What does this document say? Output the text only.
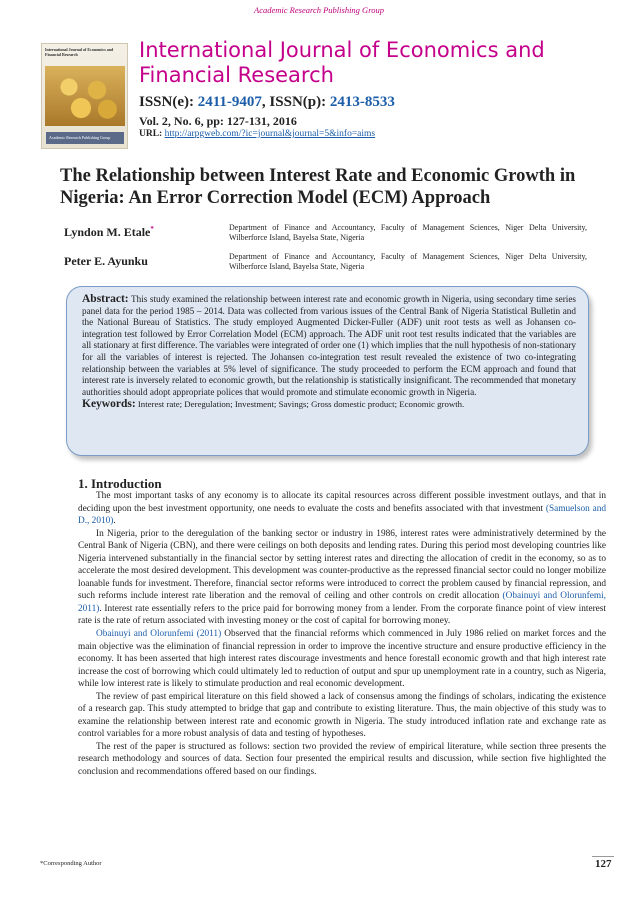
Academic Research Publishing Group
International Journal of Economics and Financial Research
Academic Research Publishing Group
International Journal of Economics and Financial Research
ISSN(e): 2411-9407, ISSN(p): 2413-8533
Vol. 2, No. 6, pp: 127-131, 2016
URL: http://arpgweb.com/?ic=journal&journal=5&info=aims
The Relationship between Interest Rate and Economic Growth in Nigeria: An Error Correction Model (ECM) Approach
Lyndon M. Etale*	Department of Finance and Accountancy, Faculty of Management Sciences, Niger Delta University, Wilberforce Island, Bayelsa State, Nigeria
Peter E. Ayunku	Department of Finance and Accountancy, Faculty of Management Sciences, Niger Delta University, Wilberforce Island, Bayelsa State, Nigeria
Abstract: This study examined the relationship between interest rate and economic growth in Nigeria, using secondary time series panel data for the period 1985 – 2014. Data was collected from various issues of the Central Bank of Nigeria Statistical Bulletin and the National Bureau of Statistics. The study employed Augmented Dicker-Fuller (ADF) unit root tests as well as Johansen co-integration test followed by Error Correlation Model (ECM) approach. The ADF unit root test results indicated that the variables are all stationary at first difference. The variables were integrated of order one (1) which implies that the null hypothesis of non-stationary for all the variables of interest is rejected. The Johansen co-integration test result revealed the existence of two co-integrating relationship between the variables at 5% level of significance. The study proceeded to perform the ECM approach and found that interest rate is inversely related to economic growth, but the relationship is statistically insignificant. The recommended that monetary authorities should adopt appropriate polices that would promote and stimulate economic growth in Nigeria.
Keywords: Interest rate; Deregulation; Investment; Savings; Gross domestic product; Economic growth.
1. Introduction

The most important tasks of any economy is to allocate its capital resources across different possible investment outlays, and that in deciding upon the best investment opportunity, one needs to evaluate the costs and benefits associated with that investment (Samuelson and D., 2010).

In Nigeria, prior to the deregulation of the banking sector or industry in 1986, interest rates were administratively determined by the Central Bank of Nigeria (CBN), and there were ceilings on both deposits and lending rates. During this period most developing countries like Nigeria intervened substantially in the financial sector by setting interest rates and directing the allocation of credit in the economy, so as to accelerate the most desired development. This development was counter-productive as the repressed financial sector could no longer mobilize loanable funds for investment. Therefore, financial sector reforms were introduced to correct the problem caused by financial repression, and such reforms include interest rate liberation and the removal of ceiling and other controls on credit allocation (Obainuyi and Olorunfemi, 2011). Interest rate essentially refers to the price paid for borrowing money from a lender. From the corporate finance point of view interest rate is the rate of return associated with investing money or the cost of capital for borrowing money.

Obainuyi and Olorunfemi (2011) Observed that the financial reforms which commenced in July 1986 relied on market forces and the main objective was the elimination of financial repression in order to improve the incentive structure and ensure productive efficiency in the economy. It has been asserted that high interest rates discourage investments and hence forestall economic growth and that high interest rate increase the cost of borrowing which could ultimately led to reduction of output and spur up unemployment rate in a country, such as Nigeria, while low interest rate is likely to stimulate production and real economic development.

The review of past empirical literature on this field showed a lack of consensus among the findings of scholars, indicating the existence of a research gap. This study attempted to bridge that gap and contribute to existing literature. Thus, the main objective of this study was to examine the relationship between interest rate and economic growth in Nigeria. The study introduced inflation rate and exchange rate as control variables for a more robust analysis of data and testing of hypotheses.

The rest of the paper is structured as follows: section two provided the review of empirical literature, while section three presents the research methodology and sources of data. Section four presented the empirical results and discussion, while section five highlighted the conclusion and recommendations offered based on our findings.

*Corresponding Author	127
